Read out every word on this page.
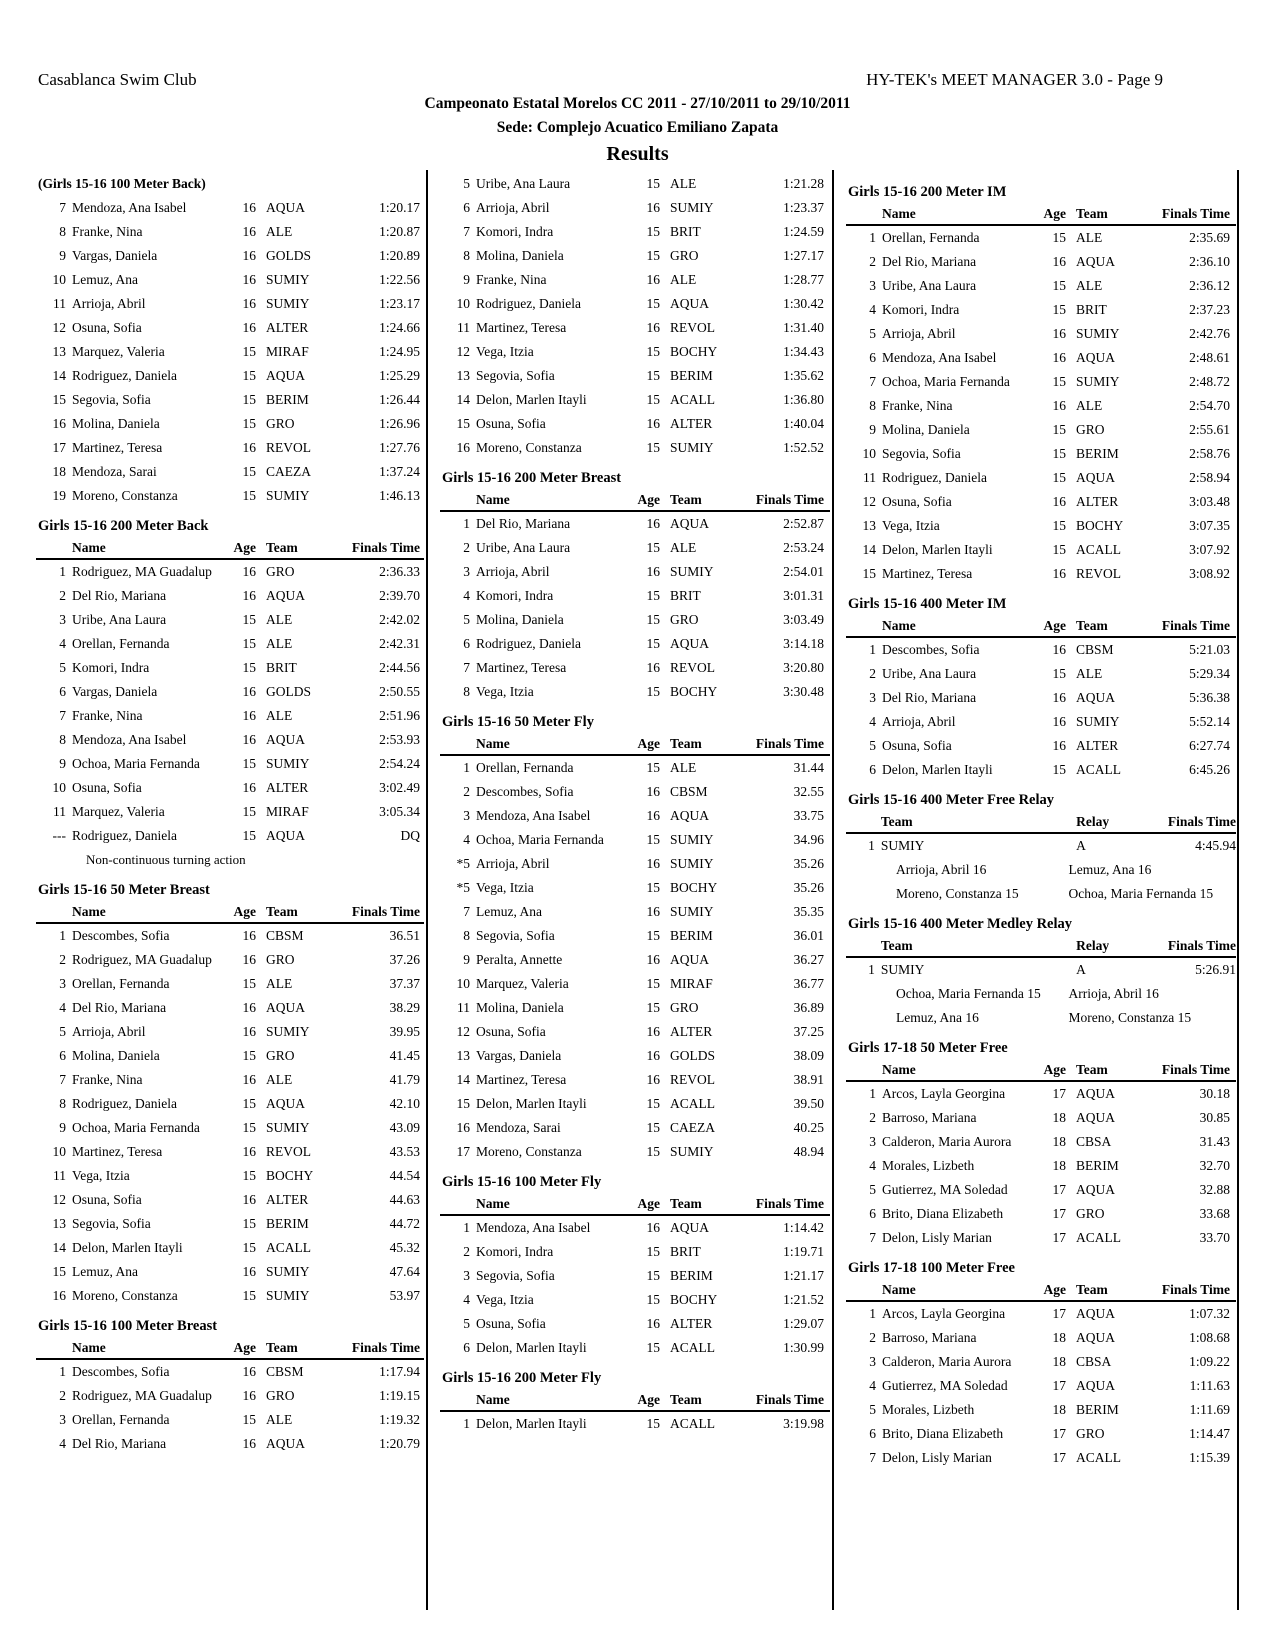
Casablanca Swim Club	HY-TEK's MEET MANAGER 3.0 - Page 9
Campeonato Estatal Morelos CC 2011 - 27/10/2011 to 29/10/2011
Sede: Complejo Acuatico Emiliano Zapata
Results
(Girls 15-16 100 Meter Back)
7 Mendoza, Ana Isabel	16 AQUA	1:20.17
8 Franke, Nina	16 ALE	1:20.87
9 Vargas, Daniela	16 GOLDS	1:20.89
10 Lemuz, Ana	16 SUMIY	1:22.56
11 Arrioja, Abril	16 SUMIY	1:23.17
12 Osuna, Sofia	16 ALTER	1:24.66
13 Marquez, Valeria	15 MIRAF	1:24.95
14 Rodriguez, Daniela	15 AQUA	1:25.29
15 Segovia, Sofia	15 BERIM	1:26.44
16 Molina, Daniela	15 GRO	1:26.96
17 Martinez, Teresa	16 REVOL	1:27.76
18 Mendoza, Sarai	15 CAEZA	1:37.24
19 Moreno, Constanza	15 SUMIY	1:46.13
Girls 15-16 200 Meter Back
Name	Age Team	Finals Time
1 Rodriguez, MA Guadalup	16 GRO	2:36.33
2 Del Rio, Mariana	16 AQUA	2:39.70
3 Uribe, Ana Laura	15 ALE	2:42.02
4 Orellan, Fernanda	15 ALE	2:42.31
5 Komori, Indra	15 BRIT	2:44.56
6 Vargas, Daniela	16 GOLDS	2:50.55
7 Franke, Nina	16 ALE	2:51.96
8 Mendoza, Ana Isabel	16 AQUA	2:53.93
9 Ochoa, Maria Fernanda	15 SUMIY	2:54.24
10 Osuna, Sofia	16 ALTER	3:02.49
11 Marquez, Valeria	15 MIRAF	3:05.34
--- Rodriguez, Daniela	15 AQUA	DQ
Non-continuous turning action
Girls 15-16 50 Meter Breast
Name	Age Team	Finals Time
1 Descombes, Sofia	16 CBSM	36.51
2 Rodriguez, MA Guadalup	16 GRO	37.26
3 Orellan, Fernanda	15 ALE	37.37
4 Del Rio, Mariana	16 AQUA	38.29
5 Arrioja, Abril	16 SUMIY	39.95
6 Molina, Daniela	15 GRO	41.45
7 Franke, Nina	16 ALE	41.79
8 Rodriguez, Daniela	15 AQUA	42.10
9 Ochoa, Maria Fernanda	15 SUMIY	43.09
10 Martinez, Teresa	16 REVOL	43.53
11 Vega, Itzia	15 BOCHY	44.54
12 Osuna, Sofia	16 ALTER	44.63
13 Segovia, Sofia	15 BERIM	44.72
14 Delon, Marlen Itayli	15 ACALL	45.32
15 Lemuz, Ana	16 SUMIY	47.64
16 Moreno, Constanza	15 SUMIY	53.97
Girls 15-16 100 Meter Breast
Name	Age Team	Finals Time
1 Descombes, Sofia	16 CBSM	1:17.94
2 Rodriguez, MA Guadalup	16 GRO	1:19.15
3 Orellan, Fernanda	15 ALE	1:19.32
4 Del Rio, Mariana	16 AQUA	1:20.79
5 Uribe, Ana Laura	15 ALE	1:21.28
6 Arrioja, Abril	16 SUMIY	1:23.37
7 Komori, Indra	15 BRIT	1:24.59
8 Molina, Daniela	15 GRO	1:27.17
9 Franke, Nina	16 ALE	1:28.77
10 Rodriguez, Daniela	15 AQUA	1:30.42
11 Martinez, Teresa	16 REVOL	1:31.40
12 Vega, Itzia	15 BOCHY	1:34.43
13 Segovia, Sofia	15 BERIM	1:35.62
14 Delon, Marlen Itayli	15 ACALL	1:36.80
15 Osuna, Sofia	16 ALTER	1:40.04
16 Moreno, Constanza	15 SUMIY	1:52.52
Girls 15-16 200 Meter Breast
Name	Age Team	Finals Time
1 Del Rio, Mariana	16 AQUA	2:52.87
2 Uribe, Ana Laura	15 ALE	2:53.24
3 Arrioja, Abril	16 SUMIY	2:54.01
4 Komori, Indra	15 BRIT	3:01.31
5 Molina, Daniela	15 GRO	3:03.49
6 Rodriguez, Daniela	15 AQUA	3:14.18
7 Martinez, Teresa	16 REVOL	3:20.80
8 Vega, Itzia	15 BOCHY	3:30.48
Girls 15-16 50 Meter Fly
Name	Age Team	Finals Time
1 Orellan, Fernanda	15 ALE	31.44
2 Descombes, Sofia	16 CBSM	32.55
3 Mendoza, Ana Isabel	16 AQUA	33.75
4 Ochoa, Maria Fernanda	15 SUMIY	34.96
*5 Arrioja, Abril	16 SUMIY	35.26
*5 Vega, Itzia	15 BOCHY	35.26
7 Lemuz, Ana	16 SUMIY	35.35
8 Segovia, Sofia	15 BERIM	36.01
9 Peralta, Annette	16 AQUA	36.27
10 Marquez, Valeria	15 MIRAF	36.77
11 Molina, Daniela	15 GRO	36.89
12 Osuna, Sofia	16 ALTER	37.25
13 Vargas, Daniela	16 GOLDS	38.09
14 Martinez, Teresa	16 REVOL	38.91
15 Delon, Marlen Itayli	15 ACALL	39.50
16 Mendoza, Sarai	15 CAEZA	40.25
17 Moreno, Constanza	15 SUMIY	48.94
Girls 15-16 100 Meter Fly
Name	Age Team	Finals Time
1 Mendoza, Ana Isabel	16 AQUA	1:14.42
2 Komori, Indra	15 BRIT	1:19.71
3 Segovia, Sofia	15 BERIM	1:21.17
4 Vega, Itzia	15 BOCHY	1:21.52
5 Osuna, Sofia	16 ALTER	1:29.07
6 Delon, Marlen Itayli	15 ACALL	1:30.99
Girls 15-16 200 Meter Fly
Name	Age Team	Finals Time
1 Delon, Marlen Itayli	15 ACALL	3:19.98
Girls 15-16 200 Meter IM
Name	Age Team	Finals Time
1 Orellan, Fernanda	15 ALE	2:35.69
2 Del Rio, Mariana	16 AQUA	2:36.10
3 Uribe, Ana Laura	15 ALE	2:36.12
4 Komori, Indra	15 BRIT	2:37.23
5 Arrioja, Abril	16 SUMIY	2:42.76
6 Mendoza, Ana Isabel	16 AQUA	2:48.61
7 Ochoa, Maria Fernanda	15 SUMIY	2:48.72
8 Franke, Nina	16 ALE	2:54.70
9 Molina, Daniela	15 GRO	2:55.61
10 Segovia, Sofia	15 BERIM	2:58.76
11 Rodriguez, Daniela	15 AQUA	2:58.94
12 Osuna, Sofia	16 ALTER	3:03.48
13 Vega, Itzia	15 BOCHY	3:07.35
14 Delon, Marlen Itayli	15 ACALL	3:07.92
15 Martinez, Teresa	16 REVOL	3:08.92
Girls 15-16 400 Meter IM
Name	Age Team	Finals Time
1 Descombes, Sofia	16 CBSM	5:21.03
2 Uribe, Ana Laura	15 ALE	5:29.34
3 Del Rio, Mariana	16 AQUA	5:36.38
4 Arrioja, Abril	16 SUMIY	5:52.14
5 Osuna, Sofia	16 ALTER	6:27.74
6 Delon, Marlen Itayli	15 ACALL	6:45.26
Girls 15-16 400 Meter Free Relay
Team	Relay	Finals Time
1 SUMIY	A	4:45.94
Arrioja, Abril 16	Lemuz, Ana 16
Moreno, Constanza 15	Ochoa, Maria Fernanda 15
Girls 15-16 400 Meter Medley Relay
Team	Relay	Finals Time
1 SUMIY	A	5:26.91
Ochoa, Maria Fernanda 15	Arrioja, Abril 16
Lemuz, Ana 16	Moreno, Constanza 15
Girls 17-18 50 Meter Free
Name	Age Team	Finals Time
1 Arcos, Layla Georgina	17 AQUA	30.18
2 Barroso, Mariana	18 AQUA	30.85
3 Calderon, Maria Aurora	18 CBSA	31.43
4 Morales, Lizbeth	18 BERIM	32.70
5 Gutierrez, MA Soledad	17 AQUA	32.88
6 Brito, Diana Elizabeth	17 GRO	33.68
7 Delon, Lisly Marian	17 ACALL	33.70
Girls 17-18 100 Meter Free
Name	Age Team	Finals Time
1 Arcos, Layla Georgina	17 AQUA	1:07.32
2 Barroso, Mariana	18 AQUA	1:08.68
3 Calderon, Maria Aurora	18 CBSA	1:09.22
4 Gutierrez, MA Soledad	17 AQUA	1:11.63
5 Morales, Lizbeth	18 BERIM	1:11.69
6 Brito, Diana Elizabeth	17 GRO	1:14.47
7 Delon, Lisly Marian	17 ACALL	1:15.39
